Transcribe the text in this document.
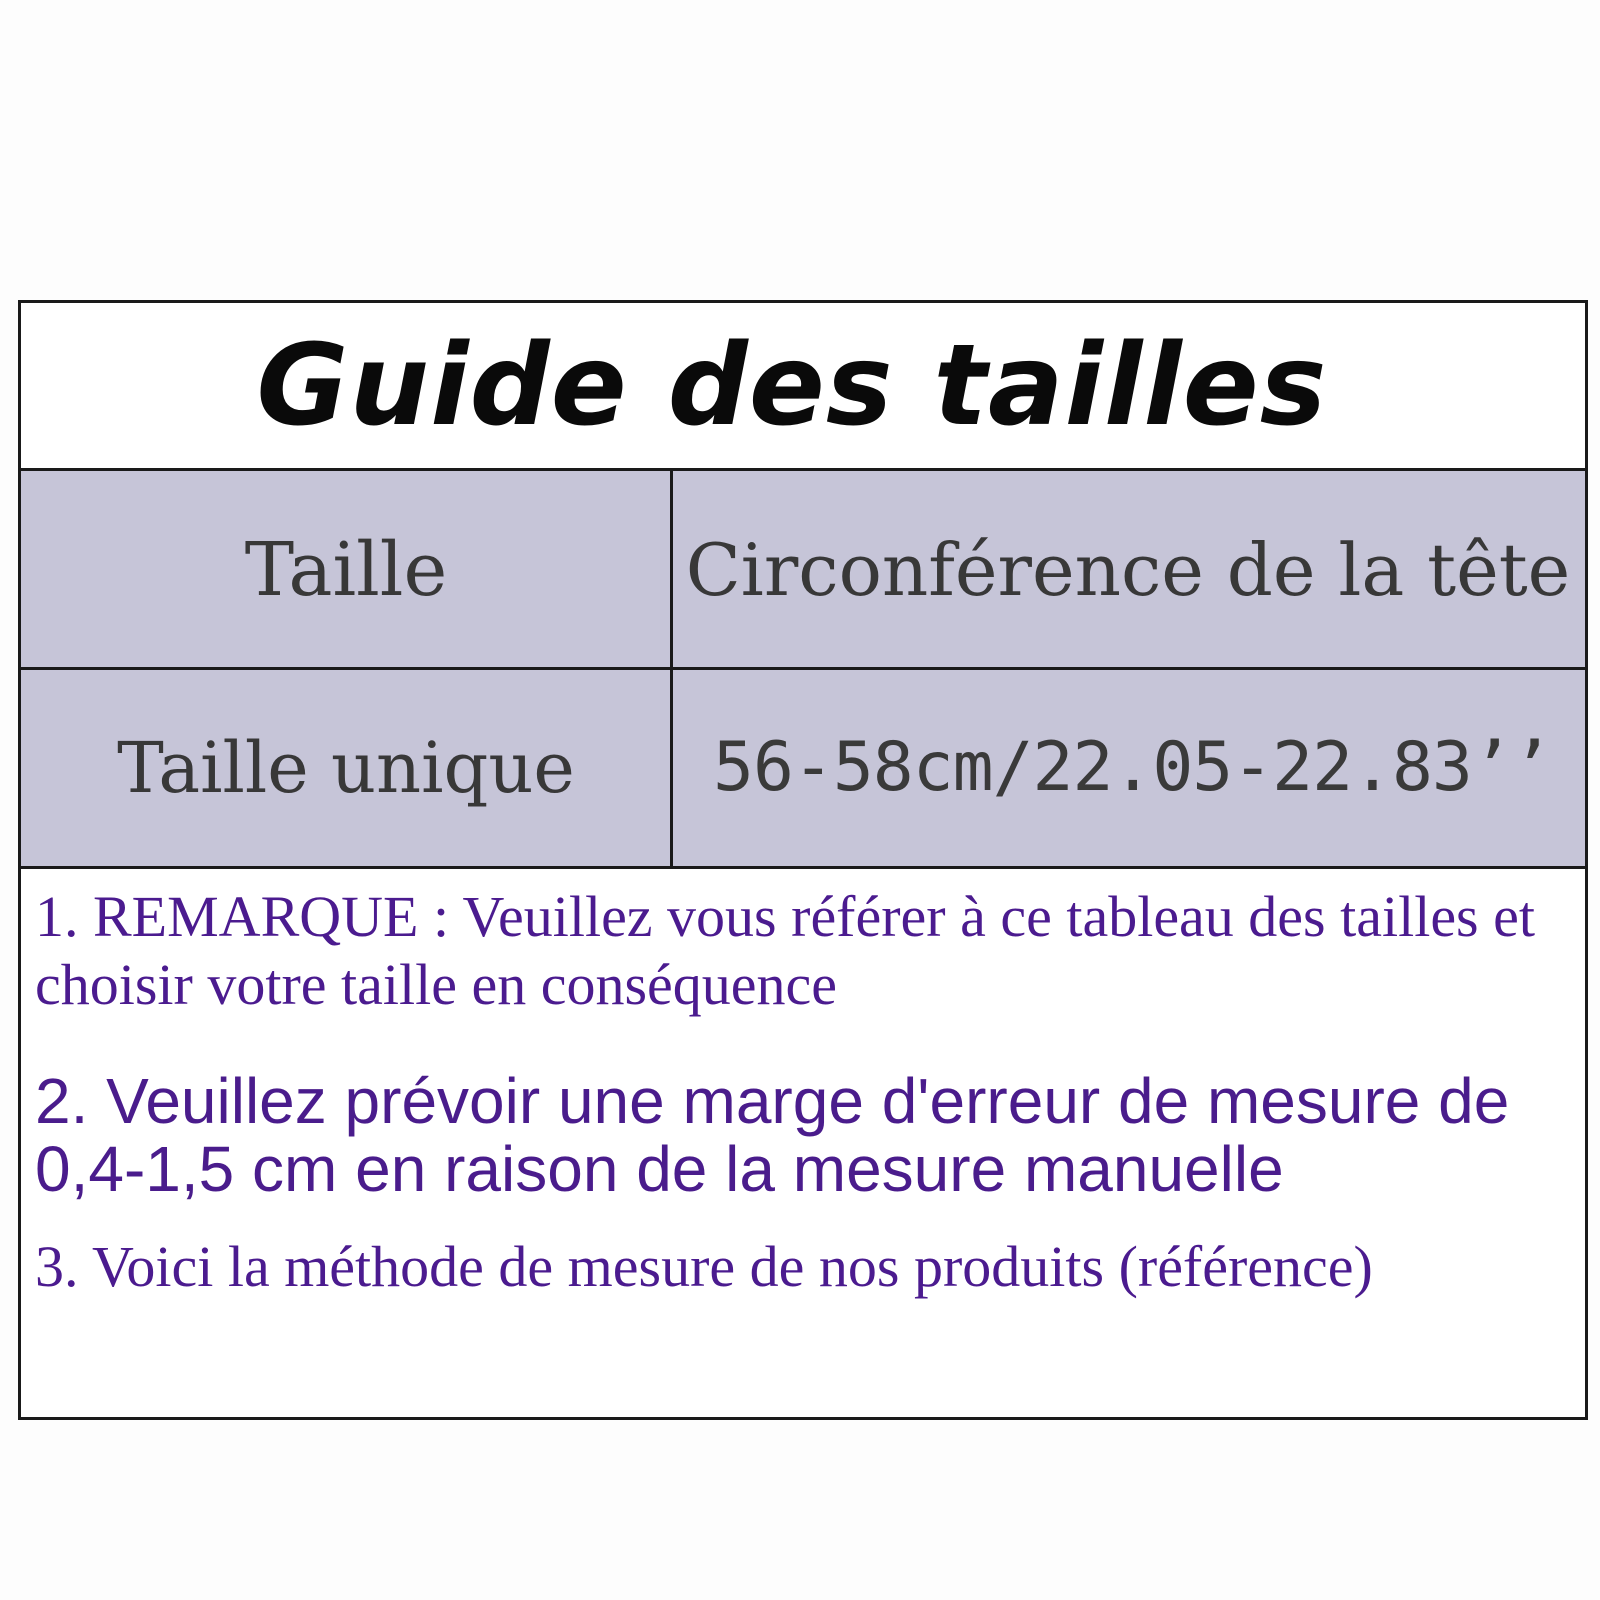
Guide des tailles
Taille	Circonférence de la tête
Taille unique 56-58cm/22.05-22.83’’

1. REMARQUE : Veuillez vous référer à ce tableau des tailles et choisir votre taille en conséquence

2. Veuillez prévoir une marge d'erreur de mesure de 0,4-1,5 cm en raison de la mesure manuelle

3. Voici la méthode de mesure de nos produits (référence)
